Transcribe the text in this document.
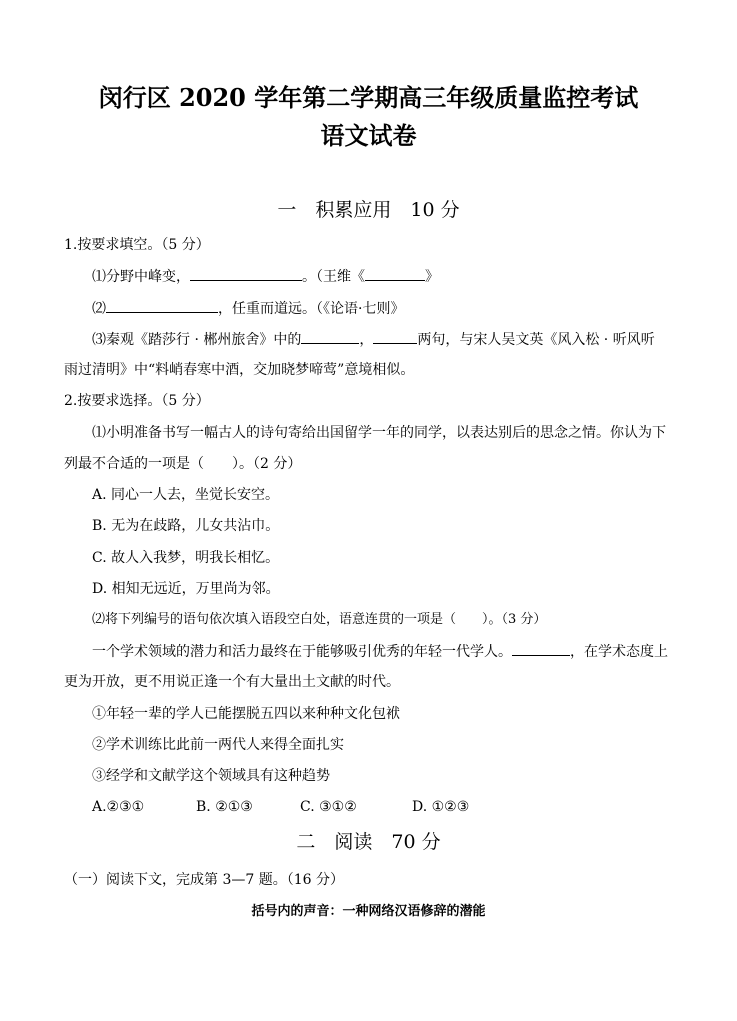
闵行区 2020 学年第二学期高三年级质量监控考试
语文试卷
一　积累应用　10 分
1.按要求填空。（5 分）
⑴分野中峰变，	。（王维《	》
⑵	，任重而道远。（《论语·七则》
⑶秦观《踏莎行 · 郴州旅舍》中的	，	两句，与宋人吴文英《风入松 · 听风听
雨过清明》中“料峭春寒中酒，交加晓梦啼莺”意境相似。
2.按要求选择。（5 分）
⑴小明准备书写一幅古人的诗句寄给出国留学一年的同学，以表达别后的思念之情。你认为下
列最不合适的一项是（　　）。（2 分）
A. 同心一人去，坐觉长安空。
B. 无为在歧路，儿女共沾巾。
C. 故人入我梦，明我长相忆。
D. 相知无远近，万里尚为邻。
⑵将下列编号的语句依次填入语段空白处，语意连贯的一项是（　　）。（3 分）
一个学术领域的潜力和活力最终在于能够吸引优秀的年轻一代学人。	，在学术态度上
更为开放，更不用说正逢一个有大量出土文献的时代。
①年轻一辈的学人已能摆脱五四以来种种文化包袱
②学术训练比此前一两代人来得全面扎实
③经学和文献学这个领域具有这种趋势
A.②③①	B. ②①③	C. ③①②	D. ①②③
二　阅读　70 分
（一）阅读下文，完成第 3—7 题。（16 分）
括号内的声音：一种网络汉语修辞的潜能
